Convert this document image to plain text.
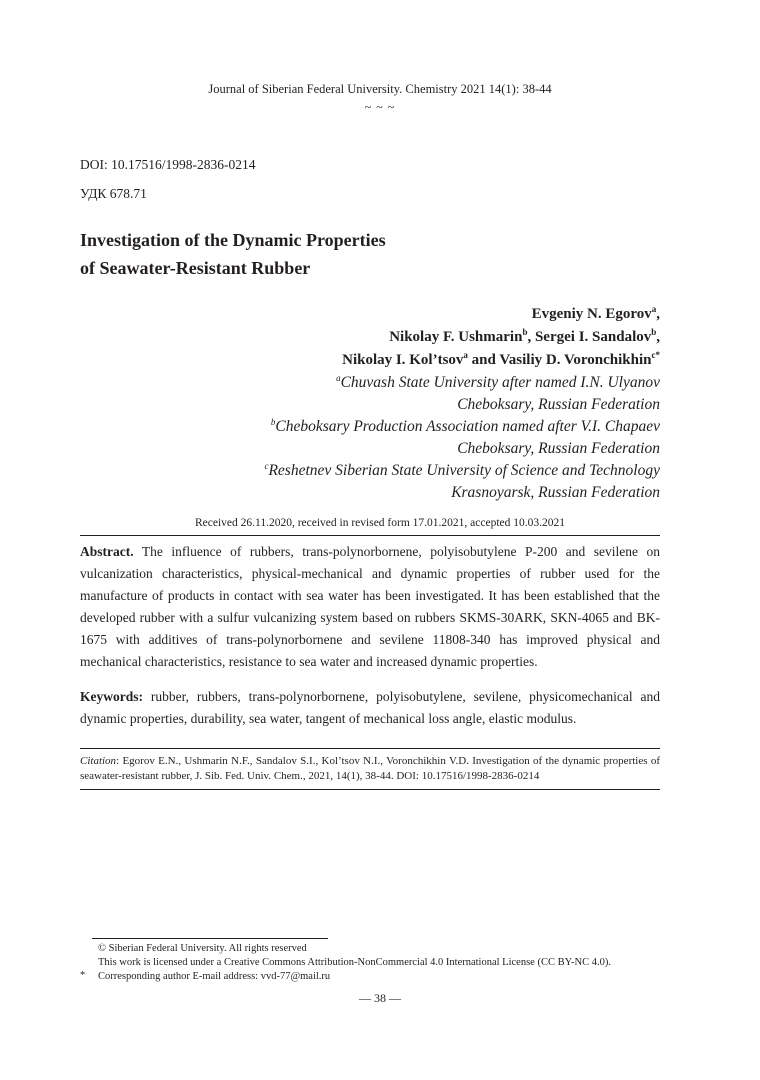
Journal of Siberian Federal University. Chemistry 2021 14(1): 38-44
~ ~ ~
DOI: 10.17516/1998-2836-0214
УДК 678.71
Investigation of the Dynamic Properties
of Seawater-Resistant Rubber
Evgeniy N. Egorov$^a$,
Nikolay F. Ushmarin$^b$, Sergei I. Sandalov$^b$,
Nikolay I. Kol’tsov$^a$ and Vasiliy D. Voronchikhin$^{c*}$
$^a$Chuvash State University after named I.N. Ulyanov
Cheboksary, Russian Federation
$^b$Cheboksary Production Association named after V.I. Chapaev
Cheboksary, Russian Federation
$^c$Reshetnev Siberian State University of Science and Technology
Krasnoyarsk, Russian Federation
Received 26.11.2020, received in revised form 17.01.2021, accepted 10.03.2021
Abstract. The influence of rubbers, trans-polynorbornene, polyisobutylene P-200 and sevilene on vulcanization characteristics, physical-mechanical and dynamic properties of rubber used for the manufacture of products in contact with sea water has been investigated. It has been established that the developed rubber with a sulfur vulcanizing system based on rubbers SKMS-30ARK, SKN-4065 and BK-1675 with additives of trans-polynorbornene and sevilene 11808-340 has improved physical and mechanical characteristics, resistance to sea water and increased dynamic properties.
Keywords: rubber, rubbers, trans-polynorbornene, polyisobutylene, sevilene, physicomechanical and dynamic properties, durability, sea water, tangent of mechanical loss angle, elastic modulus.
Citation: Egorov E.N., Ushmarin N.F., Sandalov S.I., Kol’tsov N.I., Voronchikhin V.D. Investigation of the dynamic properties of seawater-resistant rubber, J. Sib. Fed. Univ. Chem., 2021, 14(1), 38-44. DOI: 10.17516/1998-2836-0214
© Siberian Federal University. All rights reserved
This work is licensed under a Creative Commons Attribution-NonCommercial 4.0 International License (CC BY-NC 4.0).
* Corresponding author E-mail address: vvd-77@mail.ru
— 38 —
